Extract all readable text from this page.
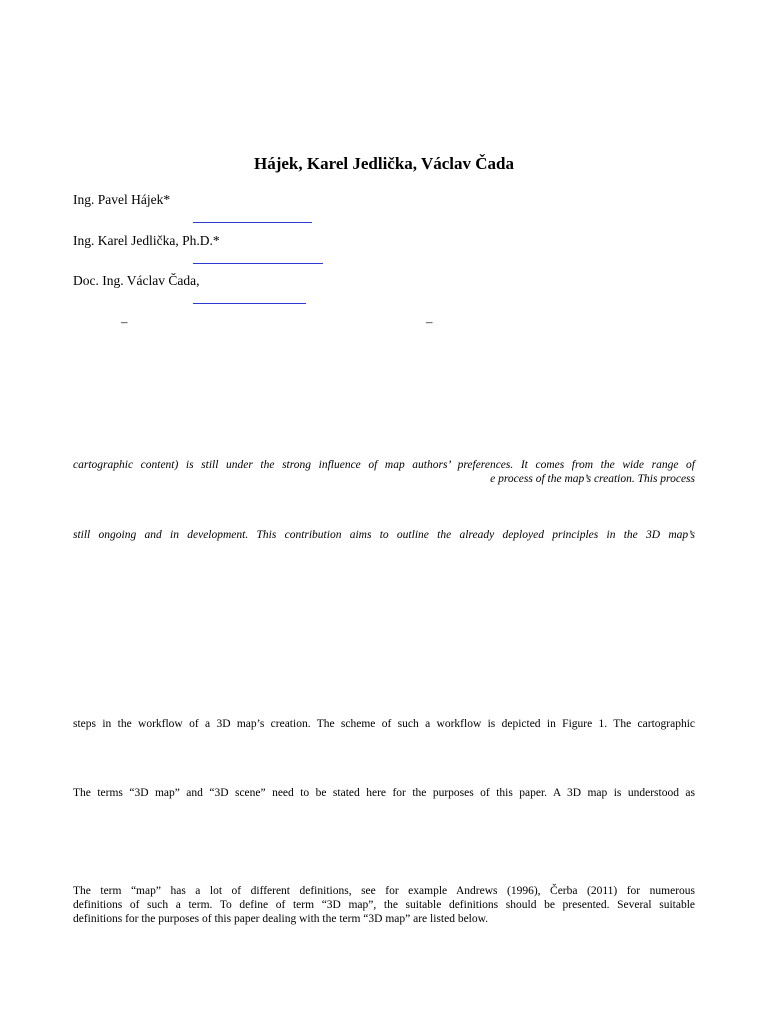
Hájek, Karel Jedlička, Václav Čada
Ing. Pavel Hájek*
Ing. Karel Jedlička, Ph.D.*
Doc. Ing. Václav Čada,
–	–
cartographic content) is still under the strong influence of map authors’ preferences. It comes from the wide range of
e process of the map’s creation. This process
still ongoing and in development. This contribution aims to outline the already deployed principles in the 3D map’s
steps in the workflow of a 3D map’s creation. The scheme of such a workflow is depicted in Figure 1. The cartographic
The terms “3D map” and “3D scene” need to be stated here for the purposes of this paper. A 3D map is understood as
The term “map” has a lot of different definitions, see for example Andrews (1996), Čerba (2011) for numerous
definitions of such a term. To define of term “3D map”, the suitable definitions should be presented. Several suitable
definitions for the purposes of this paper dealing with the term “3D map” are listed below.
